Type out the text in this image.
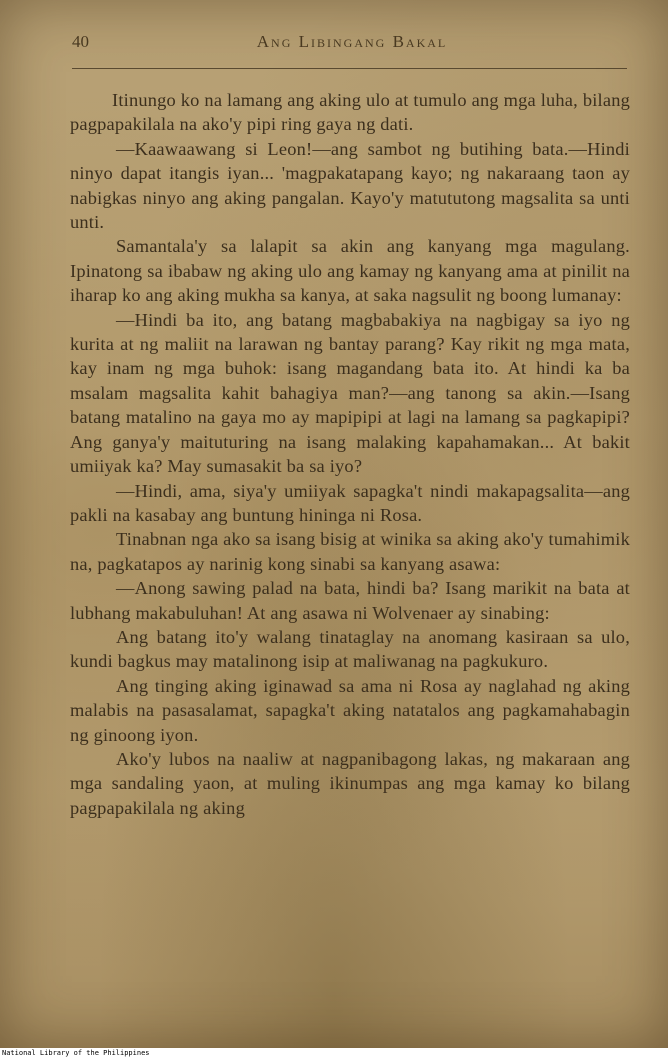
40	Ang Libingang Bakal

Itinungo ko na lamang ang aking ulo at tumulo ang mga luha, bilang pagpapakilala na ako'y pipi ring gaya ng dati.

—Kaawaawang si Leon!—ang sambot ng butihing bata.—Hindi ninyo dapat itangis iyan... 'magpakatapang kayo; ng nakaraang taon ay nabigkas ninyo ang aking pangalan. Kayo'y matututong magsalita sa unti unti.

Samantala'y sa lalapit sa akin ang kanyang mga magulang. Ipinatong sa ibabaw ng aking ulo ang kamay ng kanyang ama at pinilit na iharap ko ang aking mukha sa kanya, at saka nagsulit ng boong lumanay:

—Hindi ba ito, ang batang magbabakiya na nagbigay sa iyo ng kurita at ng maliit na larawan ng bantay parang? Kay rikit ng mga mata, kay inam ng mga buhok: isang magandang bata ito. At hindi ka ba msalam magsalita kahit bahagiya man?—ang tanong sa akin.—Isang batang matalino na gaya mo ay mapipipi at lagi na lamang sa pagkapipi? Ang ganya'y maituturing na isang malaking kapahamakan... At bakit umiiyak ka? May sumasakit ba sa iyo?

—Hindi, ama, siya'y umiiyak sapagka't nindi makapagsalita—ang pakli na kasabay ang buntung hininga ni Rosa.

Tinabnan nga ako sa isang bisig at winika sa aking ako'y tumahimik na, pagkatapos ay narinig kong sinabi sa kanyang asawa:

—Anong sawing palad na bata, hindi ba? Isang marikit na bata at lubhang makabuluhan! At ang asawa ni Wolvenaer ay sinabing:

Ang batang ito'y walang tinataglay na anomang kasiraan sa ulo, kundi bagkus may matalinong isip at maliwanag na pagkukuro.

Ang tinging aking iginawad sa ama ni Rosa ay naglahad ng aking malabis na pasasalamat, sapagka't aking natatalos ang pagkamahabagin ng ginoong iyon.

Ako'y lubos na naaliw at nagpanibagong lakas, ng makaraan ang mga sandaling yaon, at muling ikinumpas ang mga kamay ko bilang pagpapakilala ng aking

National Library of the Philippines
